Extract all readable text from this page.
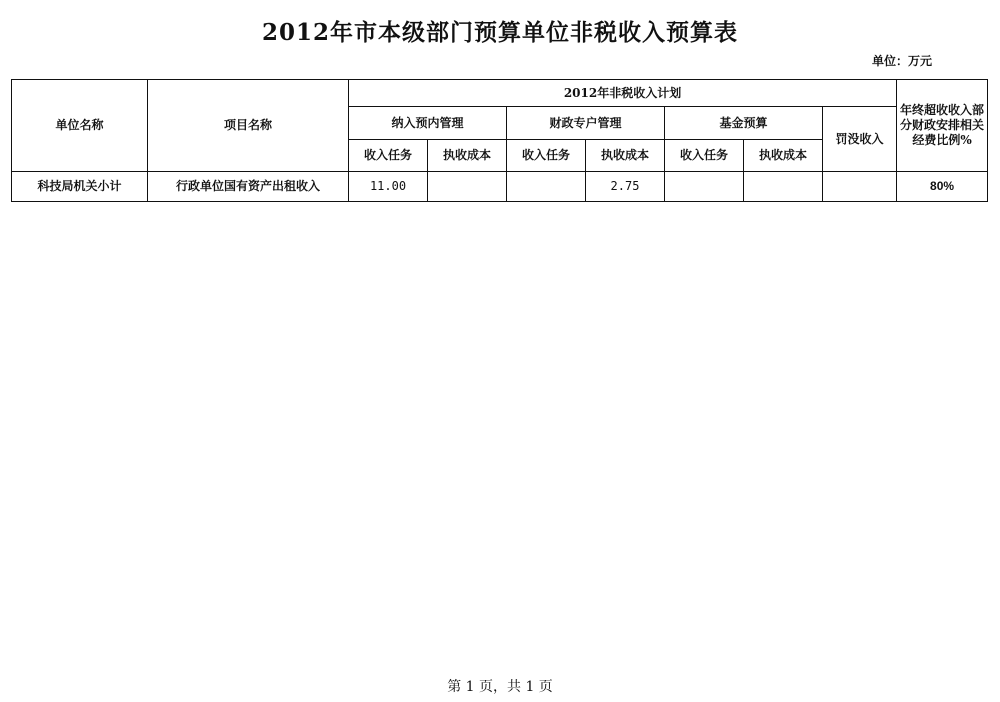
2012年市本级部门预算单位非税收入预算表
单位：万元
单位名称	项目名称	2012年非税收入计划							年终超收收入部分财政安排相关经费比例%
		纳入预内管理		财政专户管理		基金预算		罚没收入	
		收入任务	执收成本	收入任务	执收成本	收入任务	执收成本		
科技局机关小计	行政单位国有资产出租收入	11.00			2.75				80%
第 1 页，共 1 页
